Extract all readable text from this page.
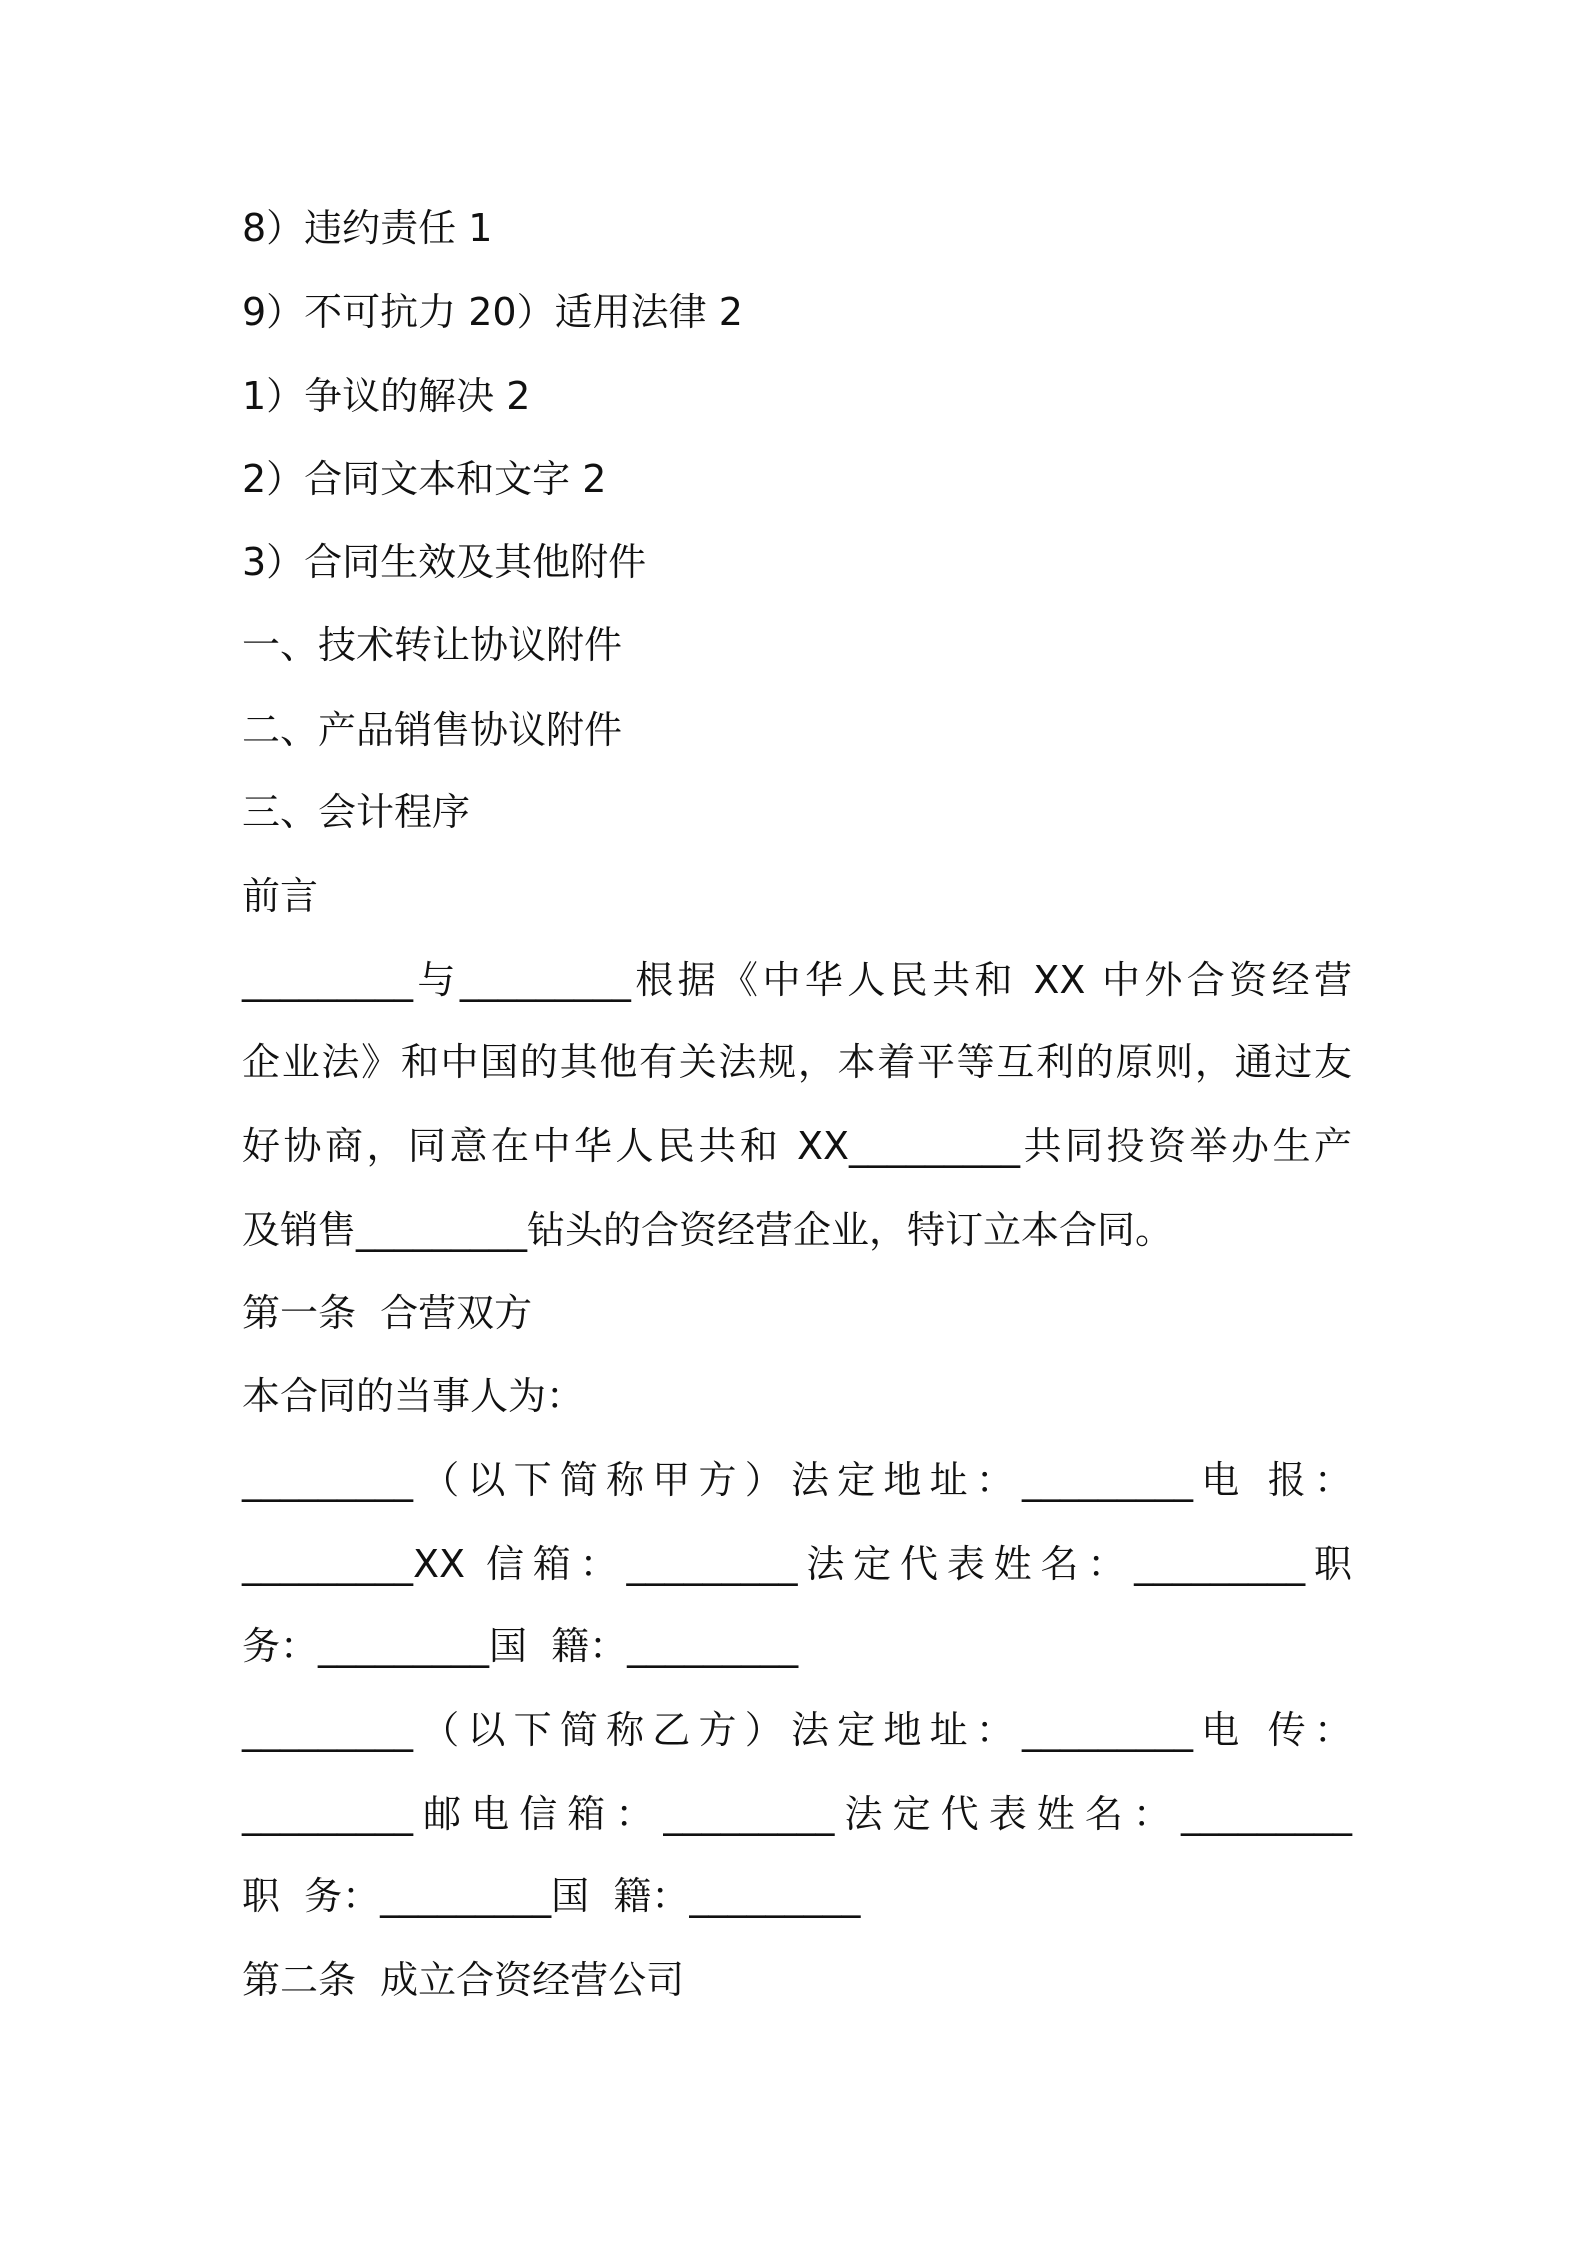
8）违约责任 1

9）不可抗力 20）适用法律 2

1）争议的解决 2

2）合同文本和文字 2

3）合同生效及其他附件

一、技术转让协议附件

二、产品销售协议附件

三、会计程序

前言

_________与_________根据《中华人民共和 XX 中外合资经营

企业法》和中国的其他有关法规，本着平等互利的原则，通过友

好协商，同意在中华人民共和 XX_________共同投资举办生产

及销售_________钻头的合资经营企业，特订立本合同。

第一条  合营双方

本合同的当事人为：

_________（以下简称甲方）法定地址：_________电 报：

_________XX 信箱：_________法定代表姓名：_________职

务：_________国  籍：_________

_________（以下简称乙方）法定地址：_________电 传：

_________邮电信箱：_________法定代表姓名：_________

职  务：_________国  籍：_________

第二条  成立合资经营公司
